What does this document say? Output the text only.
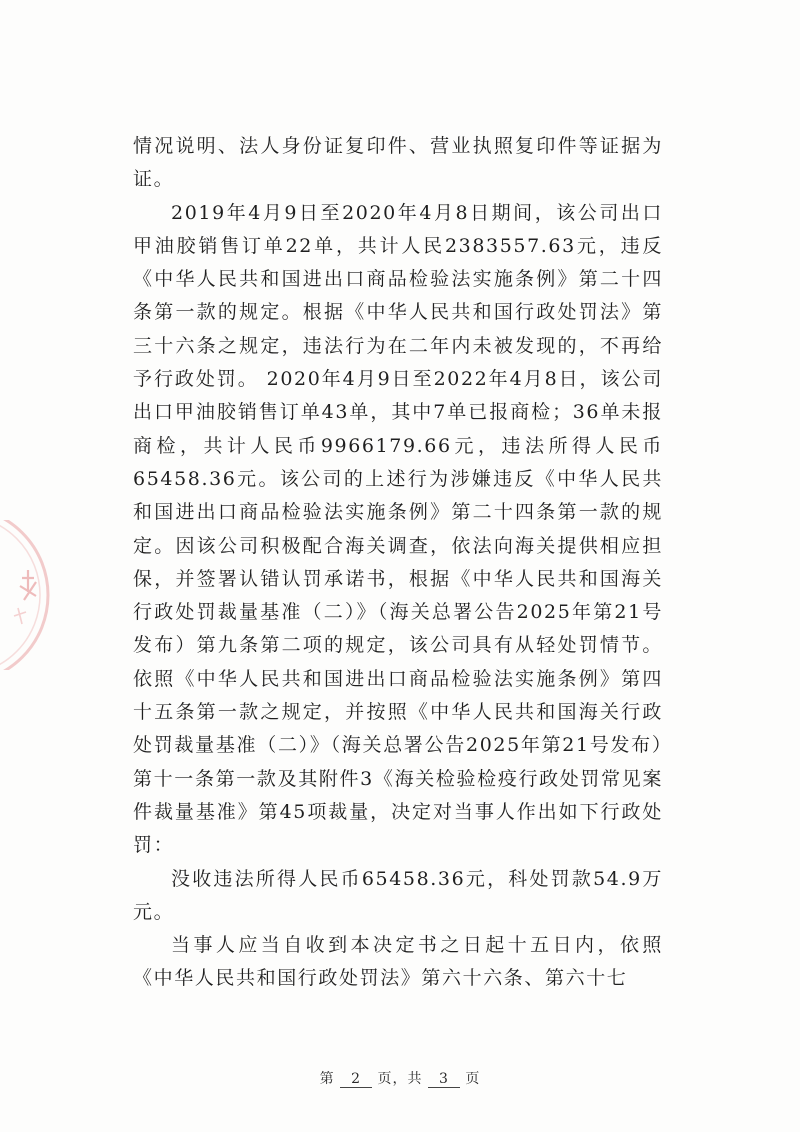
情况说明、法人身份证复印件、营业执照复印件等证据为证。

2019年4月9日至2020年4月8日期间，该公司出口甲油胶销售订单22单，共计人民2383557.63元，违反《中华人民共和国进出口商品检验法实施条例》第二十四条第一款的规定。根据《中华人民共和国行政处罚法》第三十六条之规定，违法行为在二年内未被发现的，不再给予行政处罚。 2020年4月9日至2022年4月8日，该公司出口甲油胶销售订单43单，其中7单已报商检；36单未报商检，共计人民币9966179.66元，违法所得人民币65458.36元。该公司的上述行为涉嫌违反《中华人民共和国进出口商品检验法实施条例》第二十四条第一款的规定。因该公司积极配合海关调查，依法向海关提供相应担保，并签署认错认罚承诺书，根据《中华人民共和国海关行政处罚裁量基准（二）》（海关总署公告2025年第21号发布）第九条第二项的规定，该公司具有从轻处罚情节。依照《中华人民共和国进出口商品检验法实施条例》第四十五条第一款之规定，并按照《中华人民共和国海关行政处罚裁量基准（二）》（海关总署公告2025年第21号发布）第十一条第一款及其附件3《海关检验检疫行政处罚常见案件裁量基准》第45项裁量，决定对当事人作出如下行政处罚：

没收违法所得人民币65458.36元，科处罚款54.9万元。

当事人应当自收到本决定书之日起十五日内，依照《中华人民共和国行政处罚法》第六十六条、第六十七

第 2 页，共 3 页
